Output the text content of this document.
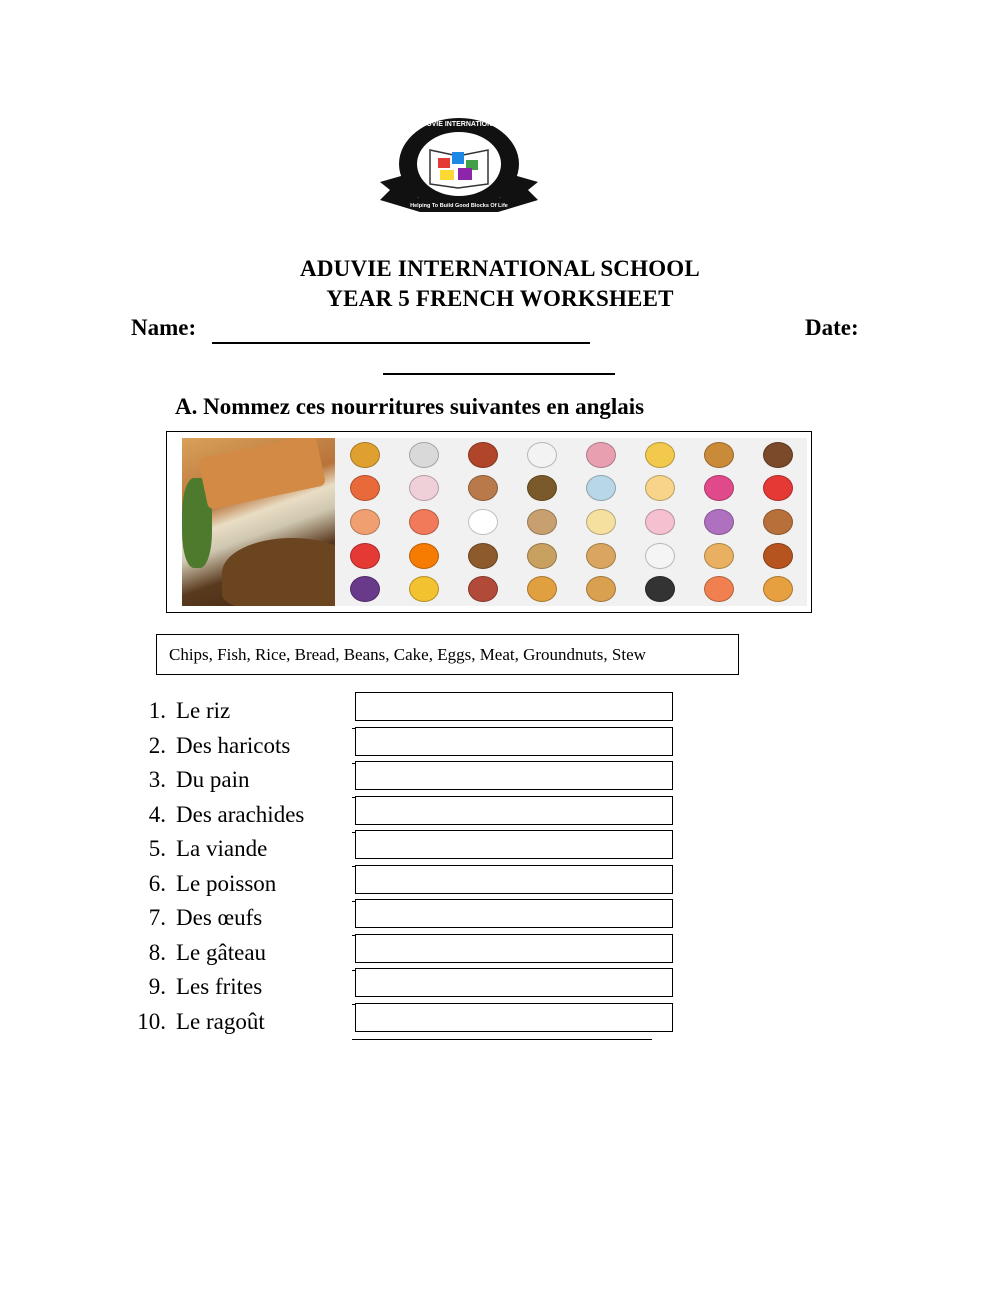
ADUVIE INTERNATIONAL
Helping To Build Good Blocks Of Life
ADUVIE INTERNATIONAL SCHOOL
YEAR 5 FRENCH WORKSHEET
Name:	Date:
A. Nommez ces nourritures suivantes en anglais
Chips, Fish, Rice, Bread, Beans, Cake, Eggs, Meat, Groundnuts, Stew
1. Le riz
2. Des haricots
3. Du pain
4. Des arachides
5. La viande
6. Le poisson
7. Des œufs
8. Le gâteau
9. Les frites
10. Le ragoût
